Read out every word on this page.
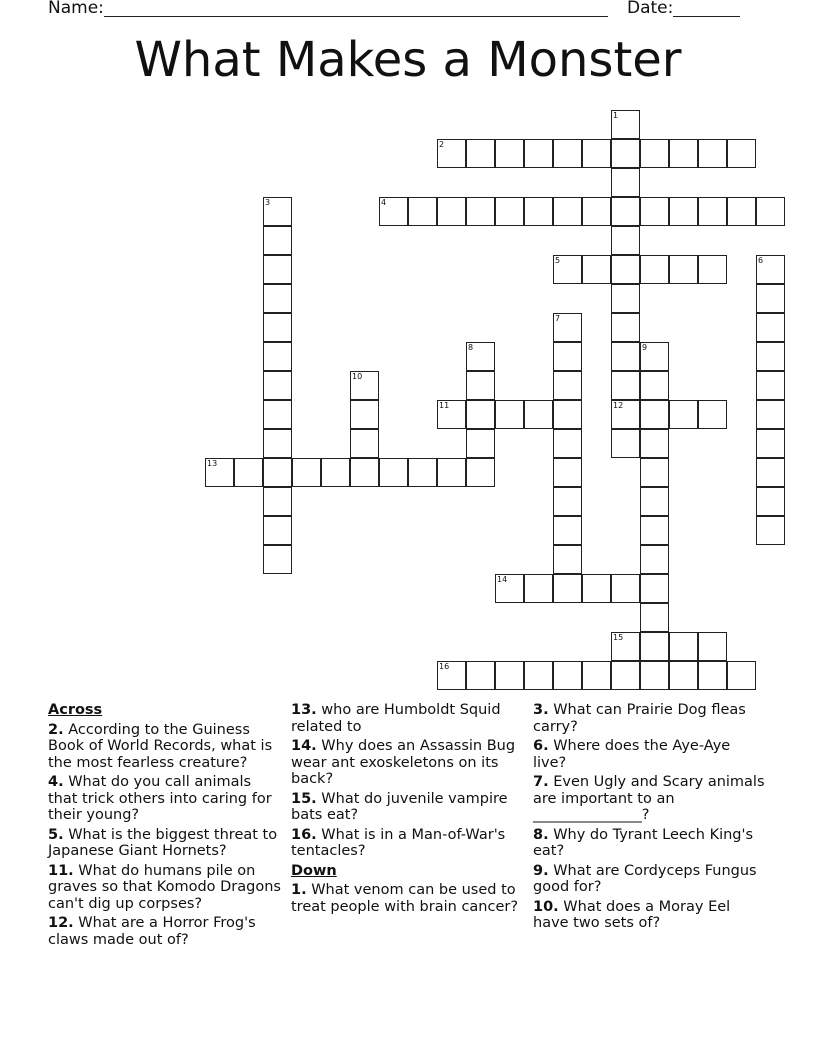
Name:	Date:
What Makes a Monster
1
12
2
3	4
5	6
7
8	9
10
11
13
14
15
16
Across
2. According to the Guiness Book of World Records, what is the most fearless creature?
4. What do you call animals that trick others into caring for their young?
5. What is the biggest threat to Japanese Giant Hornets?
11. What do humans pile on graves so that Komodo Dragons can't dig up corpses?
12. What are a Horror Frog's claws made out of?
13. who are Humboldt Squid related to
14. Why does an Assassin Bug wear ant exoskeletons on its back?
15. What do juvenile vampire bats eat?
16. What is in a Man-of-War's tentacles?
Down
1. What venom can be used to treat people with brain cancer?
3. What can Prairie Dog fleas carry?
6. Where does the Aye-Aye live?
7. Even Ugly and Scary animals are important to an _______________?
8. Why do Tyrant Leech King's eat?
9. What are Cordyceps Fungus good for?
10. What does a Moray Eel have two sets of?
